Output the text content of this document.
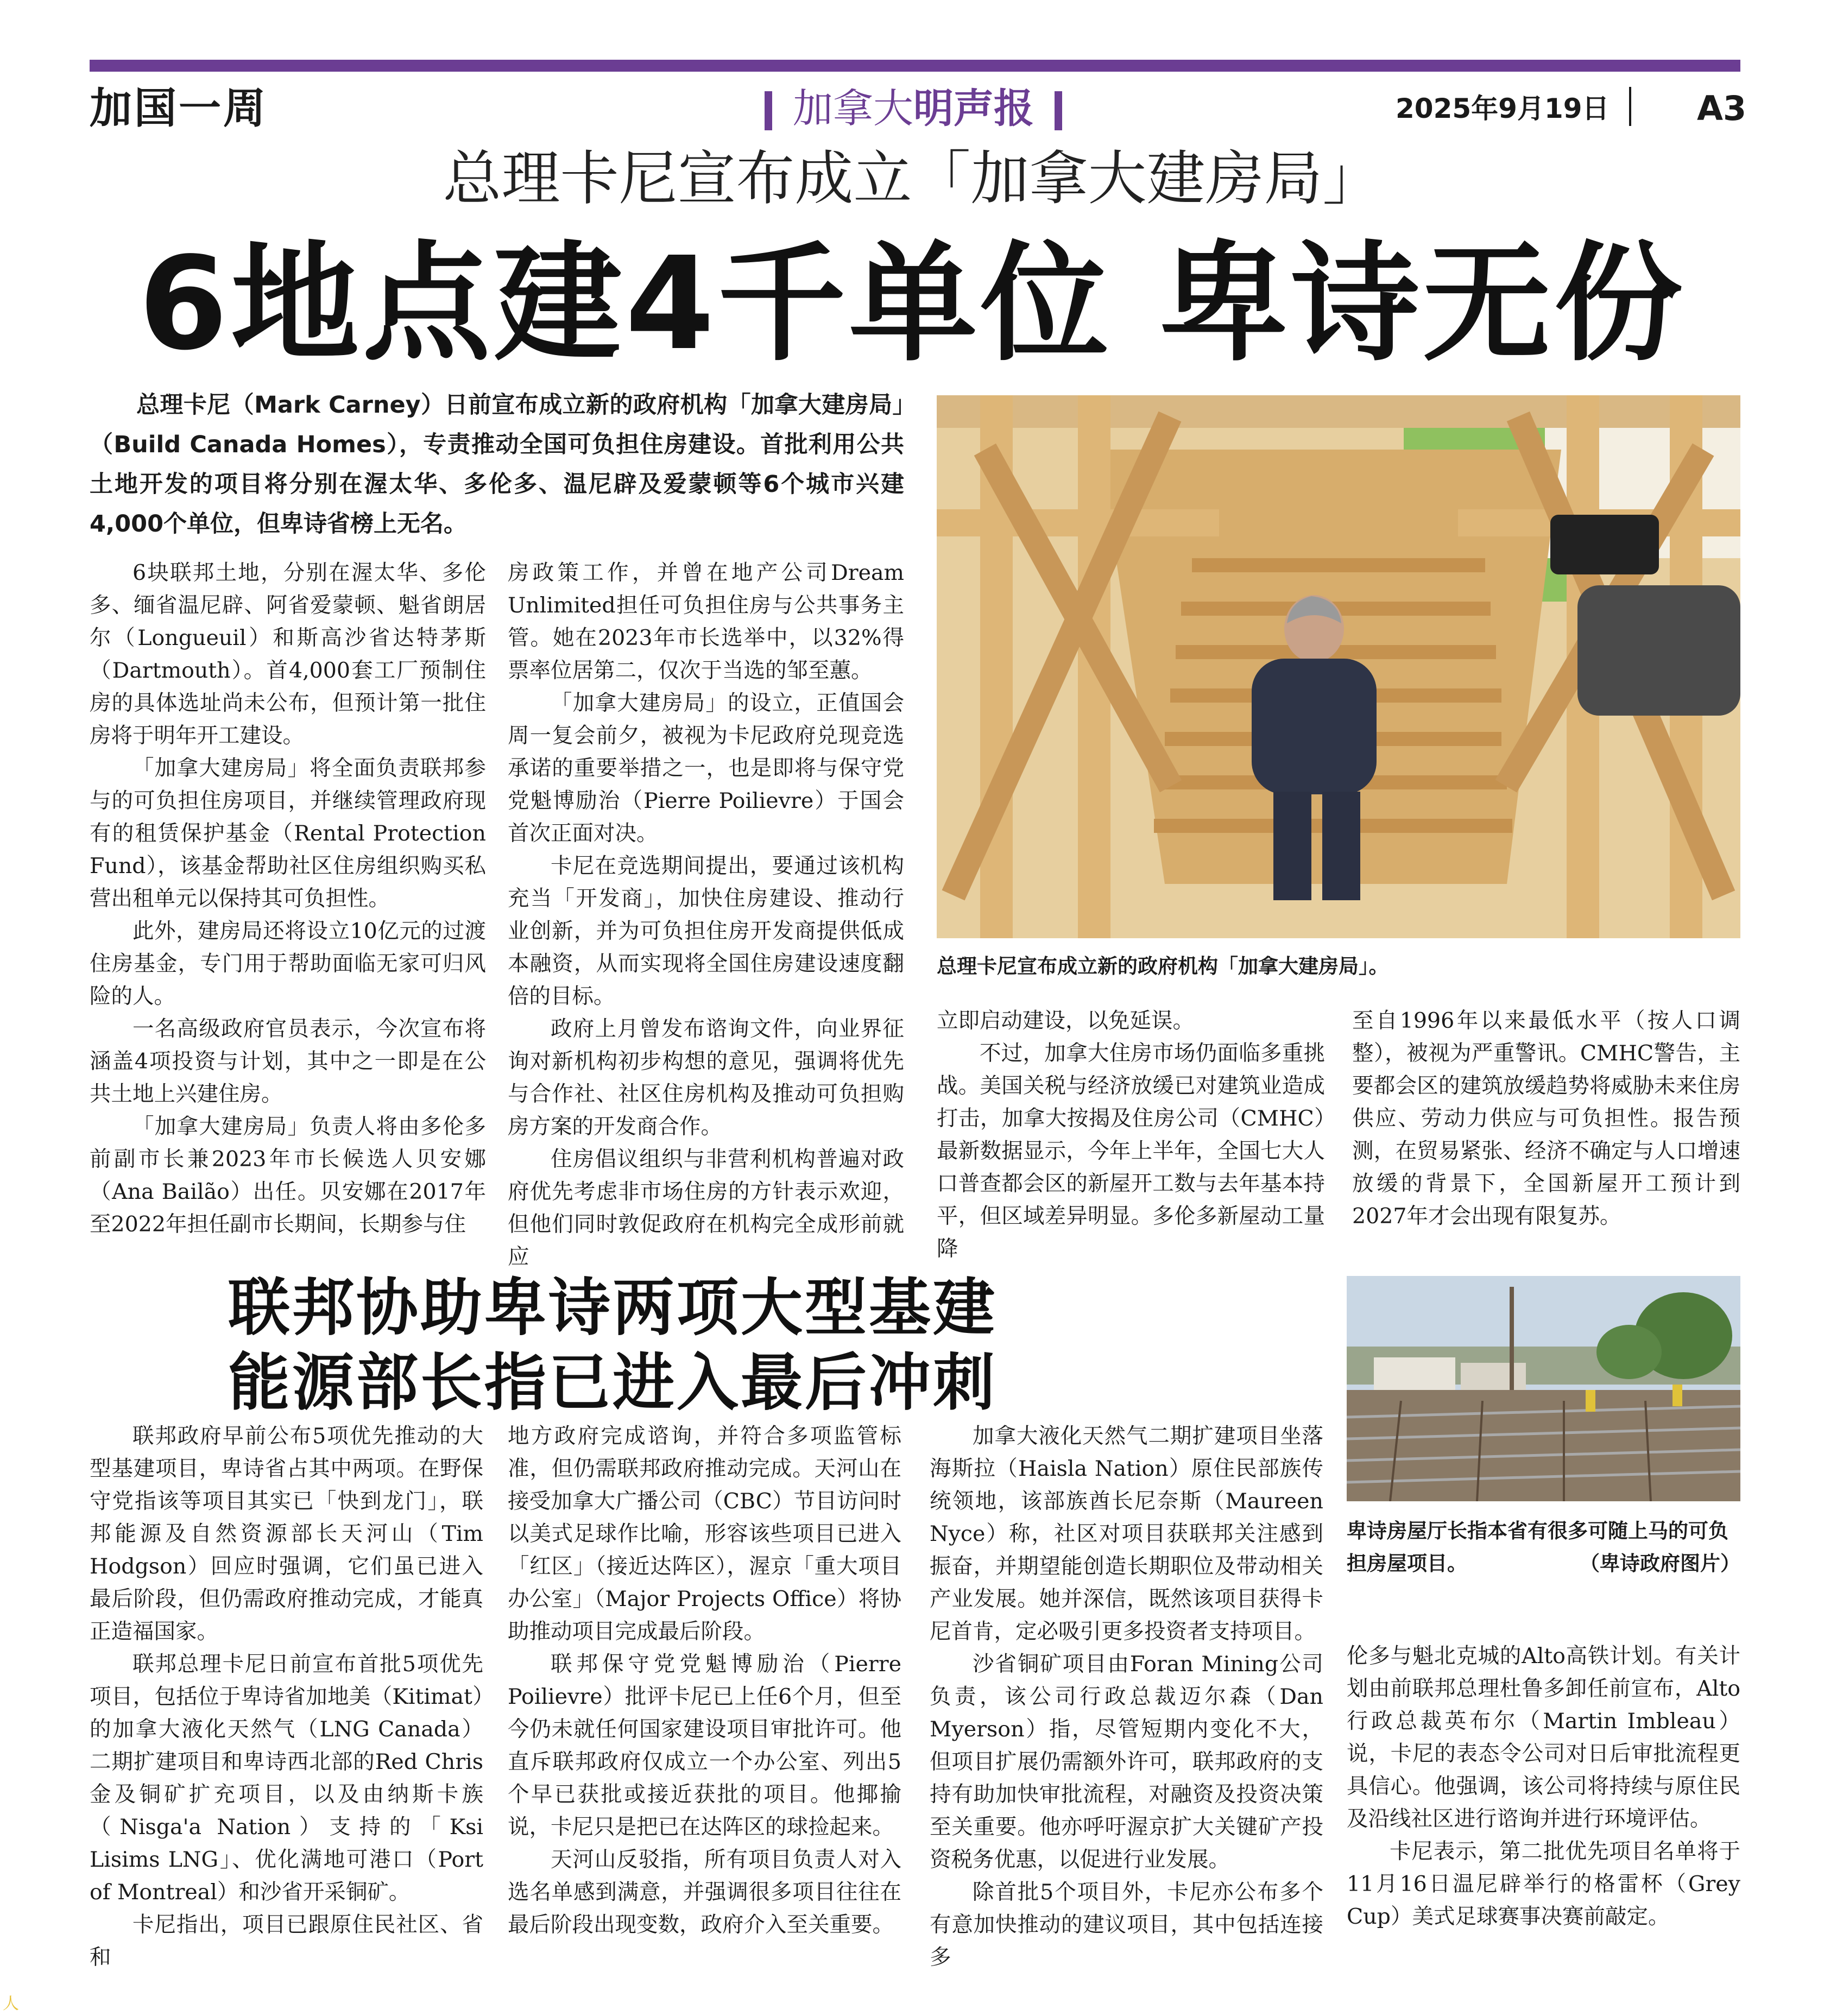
加国一周	加拿大明声报	2025年9月19日	A3
总理卡尼宣布成立「加拿大建房局」
6地点建4千单位 卑诗无份

总理卡尼（Mark Carney）日前宣布成立新的政府机构「加拿大建房局」（Build Canada Homes），专责推动全国可负担住房建设。首批利用公共土地开发的项目将分别在渥太华、多伦多、温尼辟及爱蒙顿等6个城市兴建4,000个单位，但卑诗省榜上无名。

6块联邦土地，分别在渥太华、多伦多、缅省温尼辟、阿省爱蒙顿、魁省朗居尔（Longueuil）和斯高沙省达特茅斯（Dartmouth）。首4,000套工厂预制住房的具体选址尚未公布，但预计第一批住房将于明年开工建设。

「加拿大建房局」将全面负责联邦参与的可负担住房项目，并继续管理政府现有的租赁保护基金（Rental Protection Fund），该基金帮助社区住房组织购买私营出租单元以保持其可负担性。

此外，建房局还将设立10亿元的过渡住房基金，专门用于帮助面临无家可归风险的人。

一名高级政府官员表示，今次宣布将涵盖4项投资与计划，其中之一即是在公共土地上兴建住房。

「加拿大建房局」负责人将由多伦多前副市长兼2023年市长候选人贝安娜（Ana Bailão）出任。贝安娜在2017年至2022年担任副市长期间，长期参与住

房政策工作，并曾在地产公司Dream Unlimited担任可负担住房与公共事务主管。她在2023年市长选举中，以32%得票率位居第二，仅次于当选的邹至蕙。

「加拿大建房局」的设立，正值国会周一复会前夕，被视为卡尼政府兑现竞选承诺的重要举措之一，也是即将与保守党党魁博励治（Pierre Poilievre）于国会首次正面对决。

卡尼在竞选期间提出，要通过该机构充当「开发商」，加快住房建设、推动行业创新，并为可负担住房开发商提供低成本融资，从而实现将全国住房建设速度翻倍的目标。

政府上月曾发布谘询文件，向业界征询对新机构初步构想的意见，强调将优先与合作社、社区住房机构及推动可负担购房方案的开发商合作。

住房倡议组织与非营利机构普遍对政府优先考虑非市场住房的方针表示欢迎，但他们同时敦促政府在机构完全成形前就应

总理卡尼宣布成立新的政府机构「加拿大建房局」。

立即启动建设，以免延误。

不过，加拿大住房市场仍面临多重挑战。美国关税与经济放缓已对建筑业造成打击，加拿大按揭及住房公司（CMHC）最新数据显示，今年上半年，全国七大人口普查都会区的新屋开工数与去年基本持平，但区域差异明显。多伦多新屋动工量降

至自1996年以来最低水平（按人口调整），被视为严重警讯。CMHC警告，主要都会区的建筑放缓趋势将威胁未来住房供应、劳动力供应与可负担性。报告预测，在贸易紧张、经济不确定与人口增速放缓的背景下，全国新屋开工预计到2027年才会出现有限复苏。

联邦协助卑诗两项大型基建
能源部长指已进入最后冲刺
卑诗房屋厅长指本省有很多可随上马的可负担房屋项目。	（卑诗政府图片）

联邦政府早前公布5项优先推动的大型基建项目，卑诗省占其中两项。在野保守党指该等项目其实已「快到龙门」，联邦能源及自然资源部长天河山（Tim Hodgson）回应时强调，它们虽已进入最后阶段，但仍需政府推动完成，才能真正造福国家。

联邦总理卡尼日前宣布首批5项优先项目，包括位于卑诗省加地美（Kitimat）的加拿大液化天然气（LNG Canada）二期扩建项目和卑诗西北部的Red Chris金及铜矿扩充项目，以及由纳斯卡族（Nisga'a Nation）支持的「Ksi Lisims LNG」、优化满地可港口（Port of Montreal）和沙省开采铜矿。

卡尼指出，项目已跟原住民社区、省和

地方政府完成谘询，并符合多项监管标准，但仍需联邦政府推动完成。天河山在接受加拿大广播公司（CBC）节目访问时以美式足球作比喻，形容该些项目已进入「红区」（接近达阵区），渥京「重大项目办公室」（Major Projects Office）将协助推动项目完成最后阶段。

联邦保守党党魁博励治（Pierre Poilievre）批评卡尼已上任6个月，但至今仍未就任何国家建设项目审批许可。他直斥联邦政府仅成立一个办公室、列出5个早已获批或接近获批的项目。他揶揄说，卡尼只是把已在达阵区的球捡起来。

天河山反驳指，所有项目负责人对入选名单感到满意，并强调很多项目往往在最后阶段出现变数，政府介入至关重要。

加拿大液化天然气二期扩建项目坐落海斯拉（Haisla Nation）原住民部族传统领地，该部族酋长尼奈斯（Maureen Nyce）称，社区对项目获联邦关注感到振奋，并期望能创造长期职位及带动相关产业发展。她并深信，既然该项目获得卡尼首肯，定必吸引更多投资者支持项目。

沙省铜矿项目由Foran Mining公司负责，该公司行政总裁迈尔森（Dan Myerson）指，尽管短期内变化不大，但项目扩展仍需额外许可，联邦政府的支持有助加快审批流程，对融资及投资决策至关重要。他亦呼吁渥京扩大关键矿产投资税务优惠，以促进行业发展。

除首批5个项目外，卡尼亦公布多个有意加快推动的建议项目，其中包括连接多

伦多与魁北克城的Alto高铁计划。有关计划由前联邦总理杜鲁多卸任前宣布，Alto行政总裁英布尔（Martin Imbleau）说，卡尼的表态令公司对日后审批流程更具信心。他强调，该公司将持续与原住民及沿线社区进行谘询并进行环境评估。

卡尼表示，第二批优先项目名单将于11月16日温尼辟举行的格雷杯（Grey Cup）美式足球赛事决赛前敲定。

人
